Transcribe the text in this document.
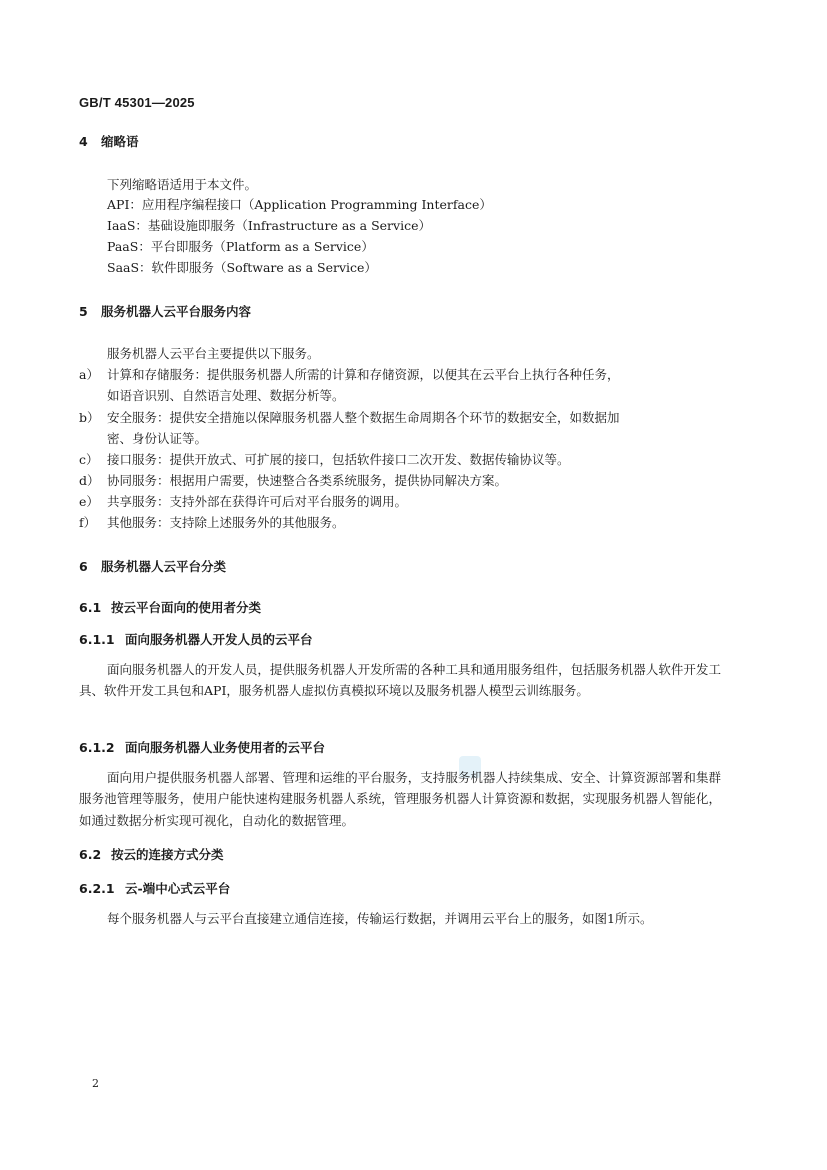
GB/T 45301—2025
4 缩略语
下列缩略语适用于本文件。
API：应用程序编程接口（Application Programming Interface）
IaaS：基础设施即服务（Infrastructure as a Service）
PaaS：平台即服务（Platform as a Service）
SaaS：软件即服务（Software as a Service）
5 服务机器人云平台服务内容
服务机器人云平台主要提供以下服务。
a） 计算和存储服务：提供服务机器人所需的计算和存储资源，以便其在云平台上执行各种任务，
如语音识别、自然语言处理、数据分析等。
b） 安全服务：提供安全措施以保障服务机器人整个数据生命周期各个环节的数据安全，如数据加
密、身份认证等。
c） 接口服务：提供开放式、可扩展的接口，包括软件接口二次开发、数据传输协议等。
d） 协同服务：根据用户需要，快速整合各类系统服务，提供协同解决方案。
e） 共享服务：支持外部在获得许可后对平台服务的调用。
f） 其他服务：支持除上述服务外的其他服务。
6 服务机器人云平台分类
6.1 按云平台面向的使用者分类
6.1.1 面向服务机器人开发人员的云平台
面向服务机器人的开发人员，提供服务机器人开发所需的各种工具和通用服务组件，包括服务机器人软件开发工具、软件开发工具包和API，服务机器人虚拟仿真模拟环境以及服务机器人模型云训练服务。
6.1.2 面向服务机器人业务使用者的云平台
面向用户提供服务机器人部署、管理和运维的平台服务，支持服务机器人持续集成、安全、计算资源部署和集群服务池管理等服务，使用户能快速构建服务机器人系统，管理服务机器人计算资源和数据，实现服务机器人智能化，如通过数据分析实现可视化，自动化的数据管理。
6.2 按云的连接方式分类
6.2.1 云-端中心式云平台
每个服务机器人与云平台直接建立通信连接，传输运行数据，并调用云平台上的服务，如图1所示。
2
